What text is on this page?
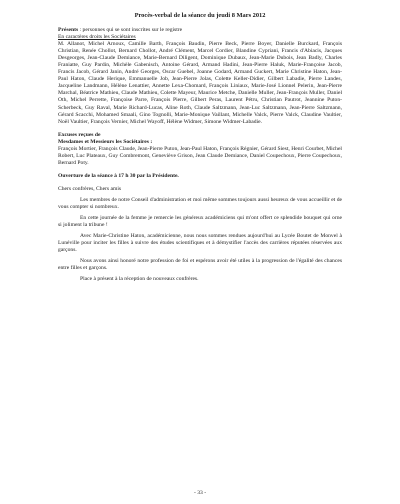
Procès-verbal de la séance du jeudi 8 Mars 2012

Présents : personnes qui se sont inscrites sur le registre

En caractères droits les Sociétaires

M. Allanot, Michel Arnoux, Camille Barth, François Baudin, Pierre Beck, Pierre Boyer, Danielle Burckard, François Christian, Renée Chollot, Bernard Chollot, André Clément, Marcel Cordier, Blandine Cypriani, Francis d'Abiacis, Jacques Desgeorges, Jean-Claude Demiance, Marie-Bernard Diligent, Dominique Dubaux, Jean-Marie Dubois, Jean Badly, Charles Franiatte, Guy Pardin, Michèle Gabenisch, Antoine Gérard, Armand Hadini, Jean-Pierre Haluk, Marie-Françoise Jacob, Francis Jacob, Gérard Janin, André Georges, Oscar Guebel, Joanne Godard, Armand Guckert, Marie Christine Haton, Jean-Paul Haton, Claude Herique, Emmanuelle Job, Jean-Pierre Jolas, Colette Keller-Didier, Gilbert Labadie, Pierre Landes, Jacqueline Landmann, Hélène Lenattier, Annette Lexa-Chomard, François Liniaux, Marie-José Lionnel Pelerin, Jean-Pierre Marchal, Béatrice Mathieu, Claude Mathieu, Colette Mayeur, Maurice Metche, Danielle Muller, Jean-François Muller, Daniel Oth, Michel Perrette, Françoise Parre, François Pierre, Gilbert Peras, Laurent Pétru, Christian Pautrot, Jeannine Puton-Scherbeck, Guy Raval, Marie Richard-Lucas, Aline Roth, Claude Saltzmann, Jean-Luc Saltzmann, Jean-Pierre Saltzmann, Gérard Scacchi, Mohamed Smaali, Gino Tognolli, Marie-Monique Vaillant, Michelle Valck, Pierre Valck, Claudine Vaultier, Noël Vaultier, François Vernier, Michel Wayoff, Hélène Widmer, Simone Widmer-Labadie.

Excuses reçues de

Mesdames et Messieurs les Sociétaires :

François Mortier, François Claude, Jean-Pierre Puton, Jean-Paul Haton, François Régnier, Gérard Siest, Henri Courbet, Michel Robert, Luc Plateaux, Guy Combremont, Geneviève Grison, Jean Claude Demiance, Daniel Coupechoux, Pierre Coupechoux, Bernard Poty.

Ouverture de la séance à 17 h 30 par la Présidente.

Chers confrères, Chers amis

Les membres de notre Conseil d'administration et moi même sommes toujours aussi heureux de vous accueillir et de vous compter si nombreux.

En cette journée de la femme je remercie les généreux académiciens qui m'ont offert ce splendide bouquet qui orne si joliment la tribune !

Avec Marie-Christine Haton, académicienne, nous nous sommes rendues aujourd'hui au Lycée Boutet de Monvel à Lunéville pour inciter les filles à suivre des études scientifiques et à démystifier l'accès des carrières réputées réservées aux garçons.

Nous avons ainsi honoré notre profession de foi et espérons avoir été utiles à la progression de l'égalité des chances entre filles et garçons.

Place à présent à la réception de nouveaux confrères.

- 33 -
